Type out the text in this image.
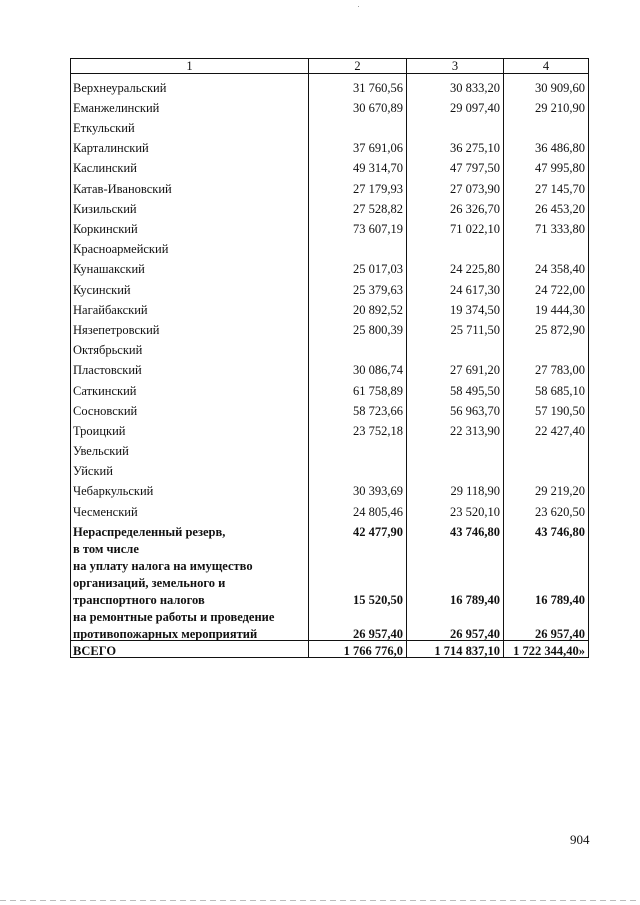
1	2	3	4
Верхнеуральский	31 760,56	30 833,20	30 909,60
Еманжелинский	30 670,89	29 097,40	29 210,90
Еткульский			
Карталинский	37 691,06	36 275,10	36 486,80
Каслинский	49 314,70	47 797,50	47 995,80
Катав-Ивановский	27 179,93	27 073,90	27 145,70
Кизильский	27 528,82	26 326,70	26 453,20
Коркинский	73 607,19	71 022,10	71 333,80
Красноармейский			
Кунашакский	25 017,03	24 225,80	24 358,40
Кусинский	25 379,63	24 617,30	24 722,00
Нагайбакский	20 892,52	19 374,50	19 444,30
Нязепетровский	25 800,39	25 711,50	25 872,90
Октябрьский			
Пластовский	30 086,74	27 691,20	27 783,00
Саткинский	61 758,89	58 495,50	58 685,10
Сосновский	58 723,66	56 963,70	57 190,50
Троицкий	23 752,18	22 313,90	22 427,40
Увельский			
Уйский			
Чебаркульский	30 393,69	29 118,90	29 219,20
Чесменский	24 805,46	23 520,10	23 620,50
Нераспределенный резерв,	42 477,90	43 746,80	43 746,80
в том числе			
на уплату налога на имущество			
организаций, земельного и			
транспортного налогов	15 520,50	16 789,40	16 789,40
на ремонтные работы и проведение			
противопожарных мероприятий	26 957,40	26 957,40	26 957,40
ВСЕГО	1 766 776,0	1 714 837,10	1 722 344,40»
904
